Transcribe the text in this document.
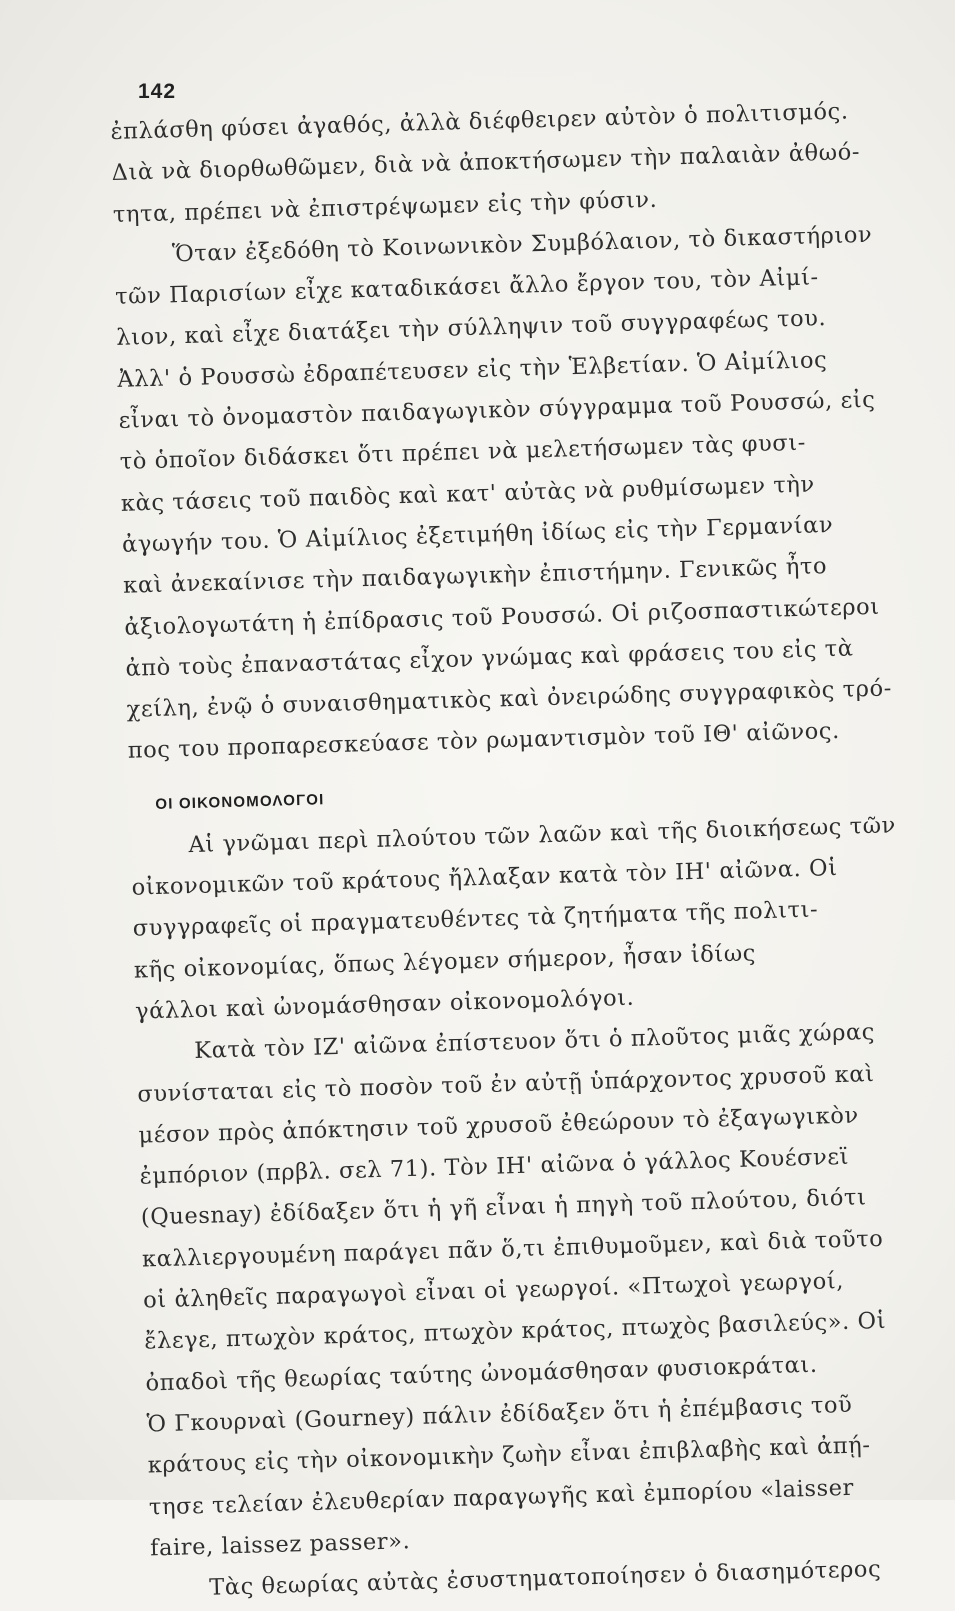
142
ἐπλάσθη φύσει ἀγαθός, ἀλλὰ διέφθειρεν αὐτὸν ὁ πολιτισμός.
Διὰ νὰ διορθωθῶμεν, διὰ νὰ ἀποκτήσωμεν τὴν παλαιὰν ἀθωό-
τητα, πρέπει νὰ ἐπιστρέψωμεν εἰς τὴν φύσιν.
Ὅταν ἐξεδόθη τὸ Κοινωνικὸν Συμβόλαιον, τὸ δικαστήριον
τῶν Παρισίων εἶχε καταδικάσει ἄλλο ἔργον του, τὸν Αἰμί-
λιον, καὶ εἶχε διατάξει τὴν σύλληψιν τοῦ συγγραφέως του.
Ἀλλ' ὁ Ρουσσὼ ἐδραπέτευσεν εἰς τὴν Ἑλβετίαν. Ὁ Αἰμίλιος
εἶναι τὸ ὀνομαστὸν παιδαγωγικὸν σύγγραμμα τοῦ Ρουσσώ, εἰς
τὸ ὁποῖον διδάσκει ὅτι πρέπει νὰ μελετήσωμεν τὰς φυσι-
κὰς τάσεις τοῦ παιδὸς καὶ κατ' αὐτὰς νὰ ρυθμίσωμεν τὴν
ἀγωγήν του. Ὁ Αἰμίλιος ἐξετιμήθη ἰδίως εἰς τὴν Γερμανίαν
καὶ ἀνεκαίνισε τὴν παιδαγωγικὴν ἐπιστήμην. Γενικῶς ἦτο
ἀξιολογωτάτη ἡ ἐπίδρασις τοῦ Ρουσσώ. Οἱ ριζοσπαστικώτεροι
ἀπὸ τοὺς ἐπαναστάτας εἶχον γνώμας καὶ φράσεις του εἰς τὰ
χείλη, ἐνῷ ὁ συναισθηματικὸς καὶ ὀνειρώδης συγγραφικὸς τρό-
πος του προπαρεσκεύασε τὸν ρωμαντισμὸν τοῦ ΙΘ' αἰῶνος.
ΟΙ ΟΙΚΟΝΟΜΟΛΟΓΟΙ
Αἱ γνῶμαι περὶ πλούτου τῶν λαῶν καὶ τῆς διοικήσεως τῶν
οἰκονομικῶν τοῦ κράτους ἤλλαξαν κατὰ τὸν ΙΗ' αἰῶνα. Οἱ
συγγραφεῖς οἱ πραγματευθέντες τὰ ζητήματα τῆς πολιτι-
κῆς οἰκονομίας, ὅπως λέγομεν σήμερον, ἦσαν ἰδίως
γάλλοι καὶ ὠνομάσθησαν οἰκονομολόγοι.
Κατὰ τὸν ΙΖ' αἰῶνα ἐπίστευον ὅτι ὁ πλοῦτος μιᾶς χώρας
συνίσταται εἰς τὸ ποσὸν τοῦ ἐν αὐτῇ ὑπάρχοντος χρυσοῦ καὶ
μέσον πρὸς ἀπόκτησιν τοῦ χρυσοῦ ἐθεώρουν τὸ ἐξαγωγικὸν
ἐμπόριον (πρβλ. σελ 71). Τὸν ΙΗ' αἰῶνα ὁ γάλλος Κουέσνεϊ
(Quesnay) ἐδίδαξεν ὅτι ἡ γῆ εἶναι ἡ πηγὴ τοῦ πλούτου, διότι
καλλιεργουμένη παράγει πᾶν ὅ,τι ἐπιθυμοῦμεν, καὶ διὰ τοῦτο
οἱ ἀληθεῖς παραγωγοὶ εἶναι οἱ γεωργοί. «Πτωχοὶ γεωργοί,
ἔλεγε, πτωχὸν κράτος, πτωχὸν κράτος, πτωχὸς βασιλεύς». Οἱ
ὀπαδοὶ τῆς θεωρίας ταύτης ὠνομάσθησαν φυσιοκράται.
Ὁ Γκουρναὶ (Gourney) πάλιν ἐδίδαξεν ὅτι ἡ ἐπέμβασις τοῦ
κράτους εἰς τὴν οἰκονομικὴν ζωὴν εἶναι ἐπιβλαβὴς καὶ ἀπῄ-
τησε τελείαν ἐλευθερίαν παραγωγῆς καὶ ἐμπορίου «laisser
faire, laissez passer».
Τὰς θεωρίας αὐτὰς ἐσυστηματοποίησεν ὁ διασημότερος
